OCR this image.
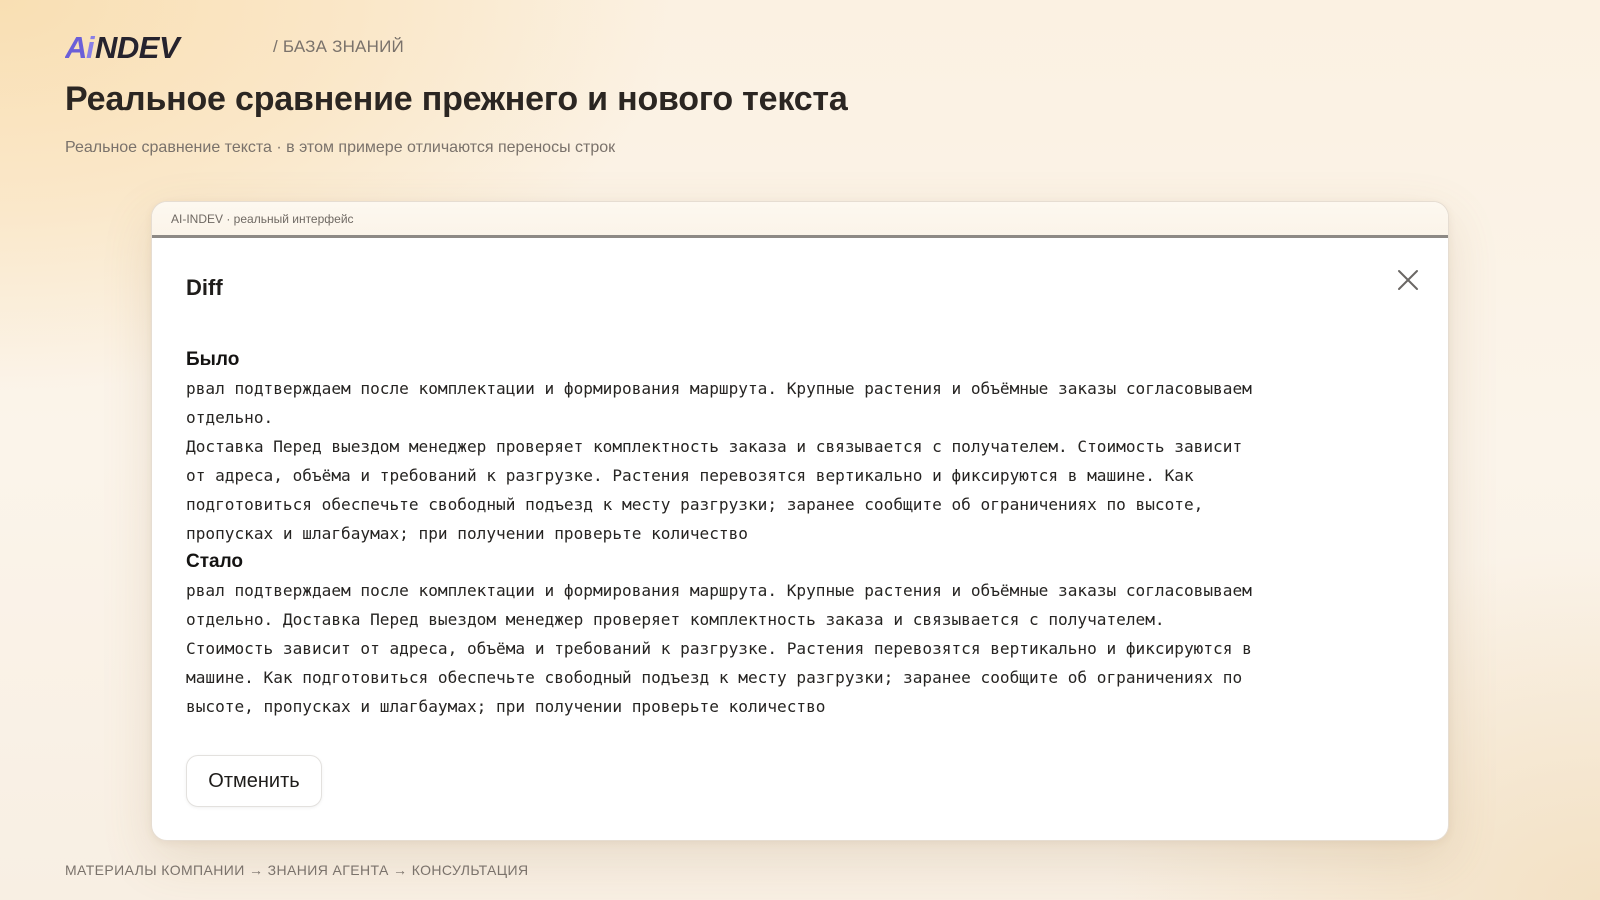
A i NDEV	/ БАЗА ЗНАНИЙ
Реальное сравнение прежнего и нового текста

Реальное сравнение текста · в этом примере отличаются переносы строк

AI-INDEV · реальный интерфейс
Diff
Было

рвал подтверждаем после комплектации и формирования маршрута. Крупные растения и объёмные заказы согласовываем
отдельно.
Доставка Перед выездом менеджер проверяет комплектность заказа и связывается с получателем. Стоимость зависит
от адреса, объёма и требований к разгрузке. Растения перевозятся вертикально и фиксируются в машине. Как
подготовиться обеспечьте свободный подъезд к месту разгрузки; заранее сообщите об ограничениях по высоте,
пропусках и шлагбаумах; при получении проверьте количество

Стало

рвал подтверждаем после комплектации и формирования маршрута. Крупные растения и объёмные заказы согласовываем
отдельно. Доставка Перед выездом менеджер проверяет комплектность заказа и связывается с получателем.
Стоимость зависит от адреса, объёма и требований к разгрузке. Растения перевозятся вертикально и фиксируются в
машине. Как подготовиться обеспечьте свободный подъезд к месту разгрузки; заранее сообщите об ограничениях по
высоте, пропусках и шлагбаумах; при получении проверьте количество

Отменить

МАТЕРИАЛЫ КОМПАНИИ → ЗНАНИЯ АГЕНТА → КОНСУЛЬТАЦИЯ
